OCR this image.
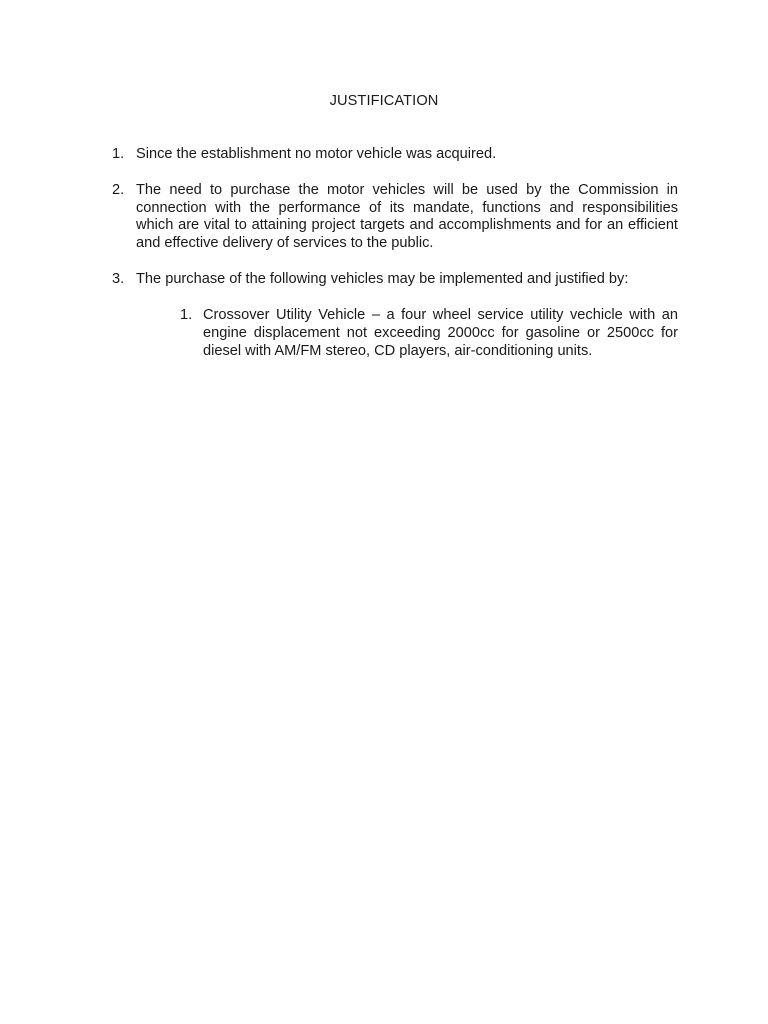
JUSTIFICATION
1. Since the establishment no motor vehicle was acquired.
2. The need to purchase the motor vehicles will be used by the Commission in connection with the performance of its mandate, functions and responsibilities which are vital to attaining project targets and accomplishments and for an efficient and effective delivery of services to the public.
3. The purchase of the following vehicles may be implemented and justified by:
1. Crossover Utility Vehicle – a four wheel service utility vechicle with an engine displacement not exceeding 2000cc for gasoline or 2500cc for diesel with AM/FM stereo, CD players, air-conditioning units.
